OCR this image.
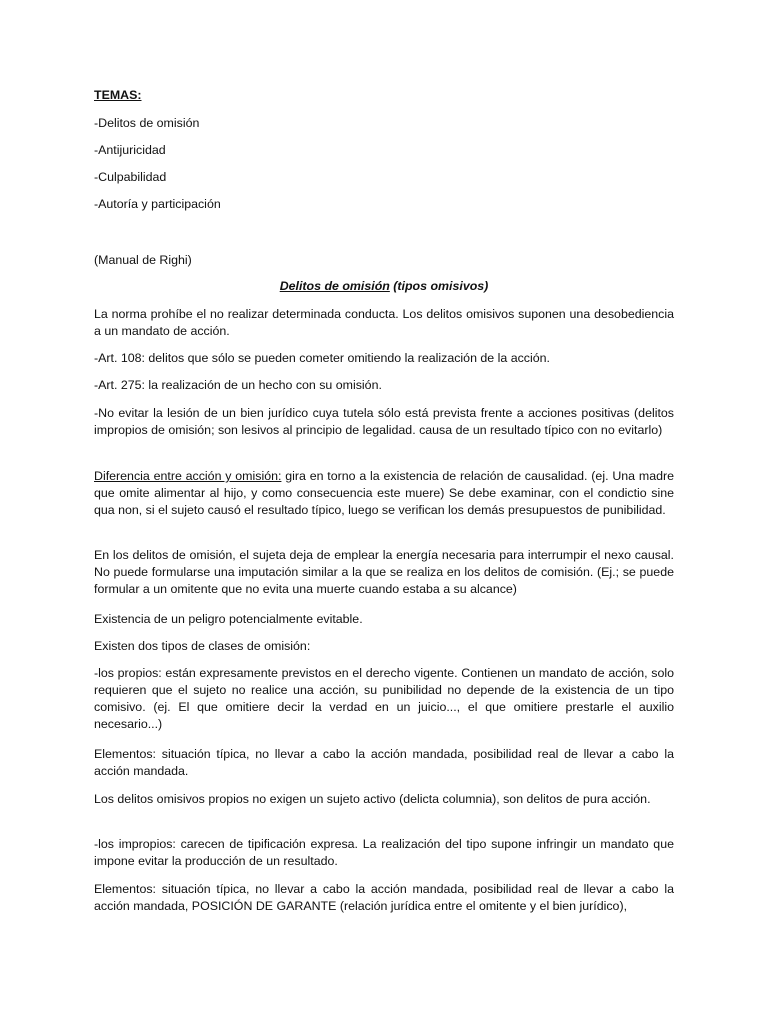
TEMAS:
-Delitos de omisión
-Antijuricidad
-Culpabilidad
-Autoría y participación
(Manual de Righi)
Delitos de omisión (tipos omisivos)
La norma prohíbe el no realizar determinada conducta. Los delitos omisivos suponen una desobediencia a un mandato de acción.
-Art. 108: delitos que sólo se pueden cometer omitiendo la realización de la acción.
-Art. 275: la realización de un hecho con su omisión.
-No evitar la lesión de un bien jurídico cuya tutela sólo está prevista frente a acciones positivas (delitos impropios de omisión; son lesivos al principio de legalidad. causa de un resultado típico con no evitarlo)
Diferencia entre acción y omisión: gira en torno a la existencia de relación de causalidad. (ej. Una madre que omite alimentar al hijo, y como consecuencia este muere) Se debe examinar, con el condictio sine qua non, si el sujeto causó el resultado típico, luego se verifican los demás presupuestos de punibilidad.
En los delitos de omisión, el sujeta deja de emplear la energía necesaria para interrumpir el nexo causal. No puede formularse una imputación similar a la que se realiza en los delitos de comisión. (Ej.; se puede formular a un omitente que no evita una muerte cuando estaba a su alcance)
Existencia de un peligro potencialmente evitable.
Existen dos tipos de clases de omisión:
-los propios: están expresamente previstos en el derecho vigente. Contienen un mandato de acción, solo requieren que el sujeto no realice una acción, su punibilidad no depende de la existencia de un tipo comisivo. (ej. El que omitiere decir la verdad en un juicio..., el que omitiere prestarle el auxilio necesario...)
Elementos: situación típica, no llevar a cabo la acción mandada, posibilidad real de llevar a cabo la acción mandada.
Los delitos omisivos propios no exigen un sujeto activo (delicta columnia), son delitos de pura acción.
-los impropios: carecen de tipificación expresa. La realización del tipo supone infringir un mandato que impone evitar la producción de un resultado.
Elementos: situación típica, no llevar a cabo la acción mandada, posibilidad real de llevar a cabo la acción mandada, POSICIÓN DE GARANTE (relación jurídica entre el omitente y el bien jurídico),
